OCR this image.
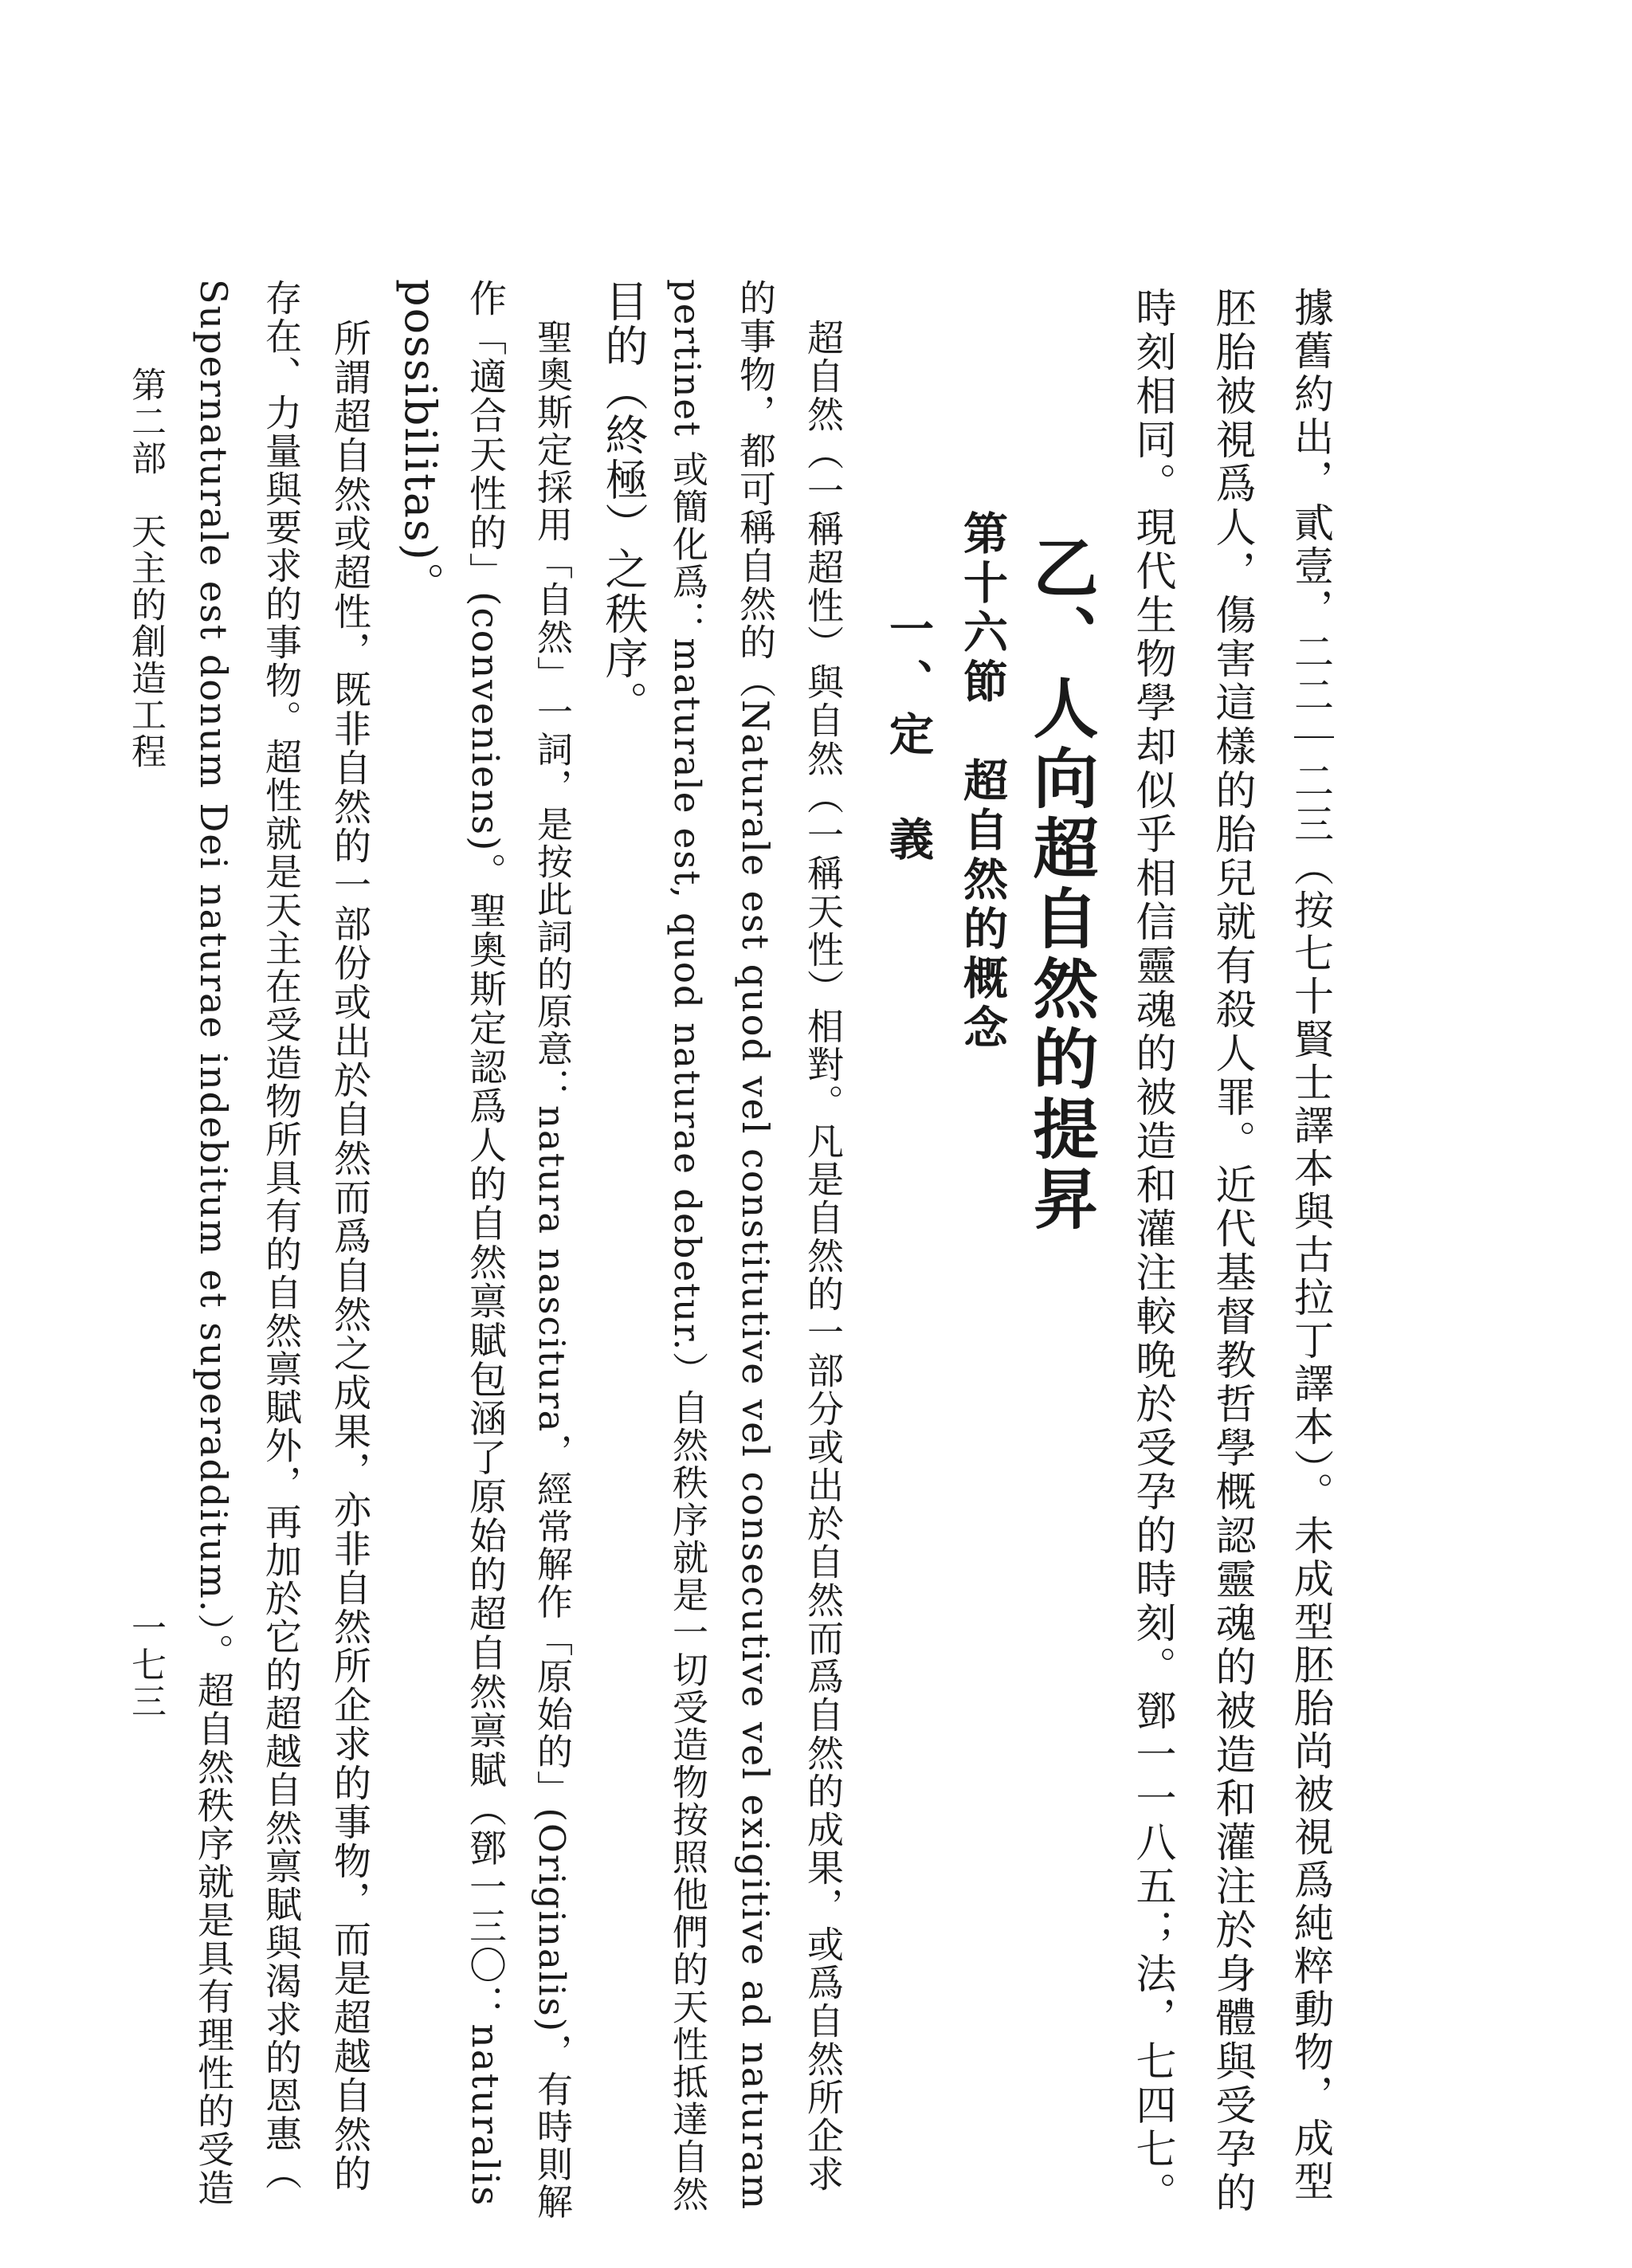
據舊約出，貳壹，二二｜二三（按七十賢士譯本與古拉丁譯本）。未成型胚胎尚被視爲純粹動物，成型

胚胎被視爲人，傷害這樣的胎兒就有殺人罪。近代基督教哲學概認靈魂的被造和灌注於身體與受孕的

時刻相同。現代生物學却似乎相信靈魂的被造和灌注較晚於受孕的時刻。鄧一一八五；法，七四七。

乙、人向超自然的提昇
第十六節　超自然的概念
一、定　義

超自然（一稱超性）與自然（一稱天性）相對。凡是自然的一部分或出於自然而爲自然的成果，或爲自然所企求

的事物，都可稱自然的（Naturale est quod vel constitutive vel consecutive vel exigitive ad naturam

pertinet 或簡化爲：maturale est, quod naturae debetur.）自然秩序就是一切受造物按照他們的天性抵達自然

目的（終極）之秩序。

聖奧斯定採用「自然」一詞，是按此詞的原意：natura nascitura，經常解作「原始的」(Originalis)，有時則解

作「適合天性的」(conveniens)。聖奧斯定認爲人的自然禀賦包涵了原始的超自然禀賦（鄧一三〇：naturalis

possibilitas)。

所謂超自然或超性，既非自然的一部份或出於自然而爲自然之成果，亦非自然所企求的事物，而是超越自然的

存在、力量與要求的事物。超性就是天主在受造物所具有的自然禀賦外，再加於它的超越自然禀賦與渴求的恩惠（

Supernaturale est donum Dei naturae indebitum et superadditum.）。超自然秩序就是具有理性的受造

第二部　天主的創造工程
一七三
